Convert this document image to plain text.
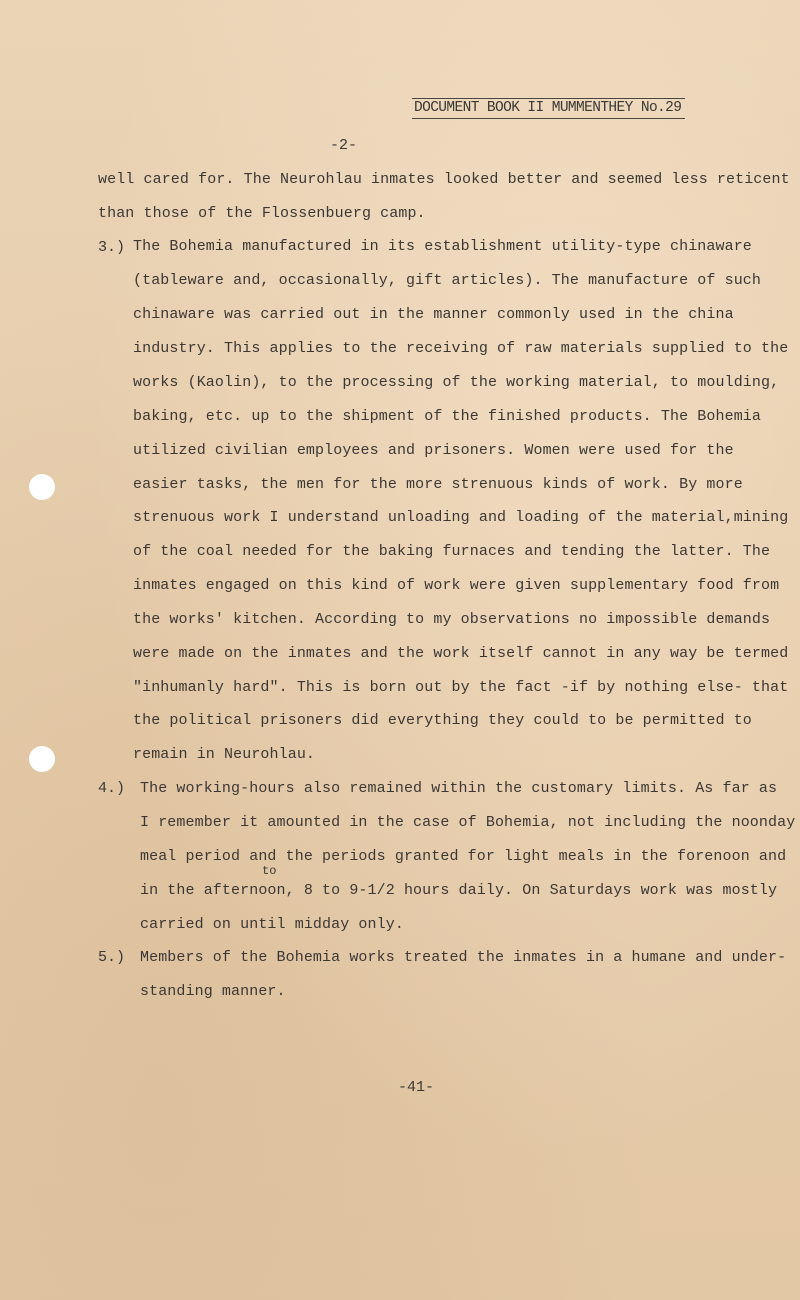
DOCUMENT BOOK II MUMMENTHEY No.29
-2-
well cared for. The Neurohlau inmates looked better and seemed less reticent
than those of the Flossenbuerg camp.
3.) The Bohemia manufactured in its establishment utility-type chinaware
(tableware and, occasionally, gift articles). The manufacture of such
chinaware was carried out in the manner commonly used in the china
industry. This applies to the receiving of raw materials supplied to the
works (Kaolin), to the processing of the working material, to moulding,
baking, etc. up to the shipment of the finished products. The Bohemia
utilized civilian employees and prisoners. Women were used for the
easier tasks, the men for the more strenuous kinds of work. By more
strenuous work I understand unloading and loading of the material,mining
of the coal needed for the baking furnaces and tending the latter. The
inmates engaged on this kind of work were given supplementary food from
the works' kitchen. According to my observations no impossible demands
were made on the inmates and the work itself cannot in any way be termed
"inhumanly hard". This is born out by the fact -if by nothing else- that
the political prisoners did everything they could to be permitted to
remain in Neurohlau.
4.) The working-hours also remained within the customary limits. As far as
I remember it amounted in the case of Bohemia, not including the noonday
meal period and the periods granted for light meals in the forenoon and
to
in the afternoon, 8 to 9-1/2 hours daily. On Saturdays work was mostly
carried on until midday only.
5.) Members of the Bohemia works treated the inmates in a humane and under-
standing manner.
-41-
